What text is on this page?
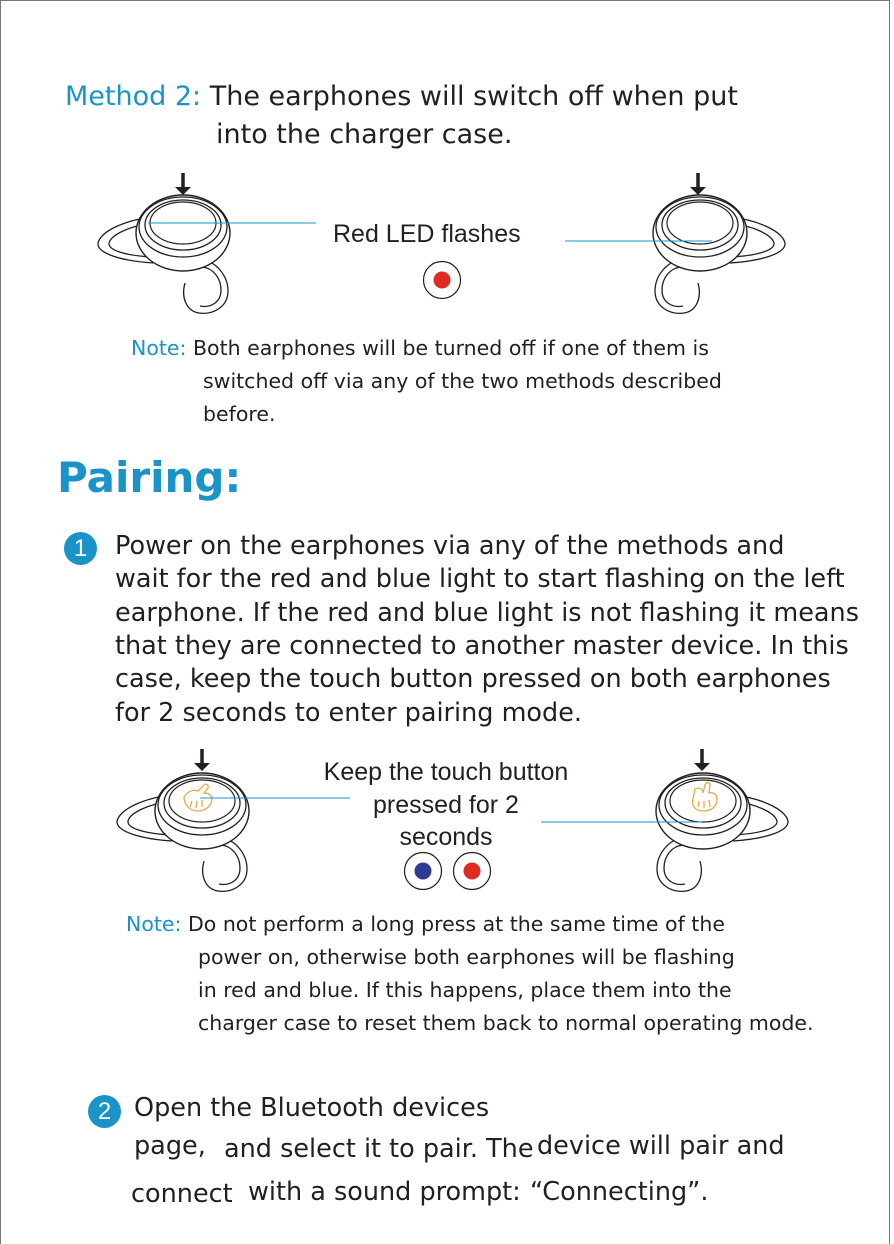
Method 2: The earphones will switch off when put
into the charger case.
Red LED flashes
Note: Both earphones will be turned off if one of them is
switched off via any of the two methods described
before.
Pairing:
1	Power on the earphones via any of the methods and
wait for the red and blue light to start flashing on the left
earphone. If the red and blue light is not flashing it means
that they are connected to another master device. In this
case, keep the touch button pressed on both earphones
for 2 seconds to enter pairing mode.
Keep the touch button
pressed for 2
seconds
Note: Do not perform a long press at the same time of the
power on, otherwise both earphones will be flashing
in red and blue. If this happens, place them into the
charger case to reset them back to normal operating mode.
2 Open the Bluetooth devices
page, and select it to pair. The device will pair and
connect with a sound prompt: “Connecting”.
